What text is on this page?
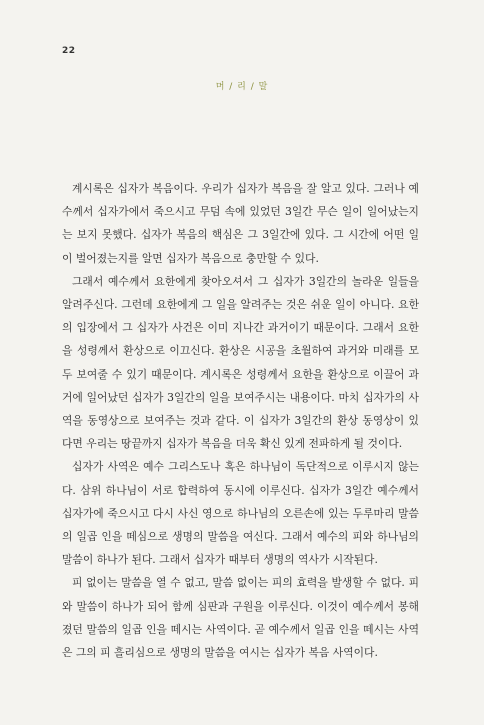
22
머 / 리 / 말

계시록은 십자가 복음이다. 우리가 십자가 복음을 잘 알고 있다. 그러나 예수께서 십자가에서 죽으시고 무덤 속에 있었던 3일간 무슨 일이 일어났는지는 보지 못했다. 십자가 복음의 핵심은 그 3일간에 있다. 그 시간에 어떤 일이 벌어졌는지를 알면 십자가 복음으로 충만할 수 있다.

그래서 예수께서 요한에게 찾아오셔서 그 십자가 3일간의 놀라운 일들을 알려주신다. 그런데 요한에게 그 일을 알려주는 것은 쉬운 일이 아니다. 요한의 입장에서 그 십자가 사건은 이미 지나간 과거이기 때문이다. 그래서 요한을 성령께서 환상으로 이끄신다. 환상은 시공을 초월하여 과거와 미래를 모두 보여줄 수 있기 때문이다. 계시록은 성령께서 요한을 환상으로 이끌어 과거에 일어났던 십자가 3일간의 일을 보여주시는 내용이다. 마치 십자가의 사역을 동영상으로 보여주는 것과 같다. 이 십자가 3일간의 환상 동영상이 있다면 우리는 땅끝까지 십자가 복음을 더욱 확신 있게 전파하게 될 것이다.

십자가 사역은 예수 그리스도나 혹은 하나님이 독단적으로 이루시지 않는다. 삼위 하나님이 서로 합력하여 동시에 이루신다. 십자가 3일간 예수께서 십자가에 죽으시고 다시 사신 영으로 하나님의 오른손에 있는 두루마리 말씀의 일곱 인을 떼심으로 생명의 말씀을 여신다. 그래서 예수의 피와 하나님의 말씀이 하나가 된다. 그래서 십자가 때부터 생명의 역사가 시작된다.

피 없이는 말씀을 열 수 없고, 말씀 없이는 피의 효력을 발생할 수 없다. 피와 말씀이 하나가 되어 함께 심판과 구원을 이루신다. 이것이 예수께서 봉해졌던 말씀의 일곱 인을 떼시는 사역이다. 곧 예수께서 일곱 인을 떼시는 사역은 그의 피 흘리심으로 생명의 말씀을 여시는 십자가 복음 사역이다.
